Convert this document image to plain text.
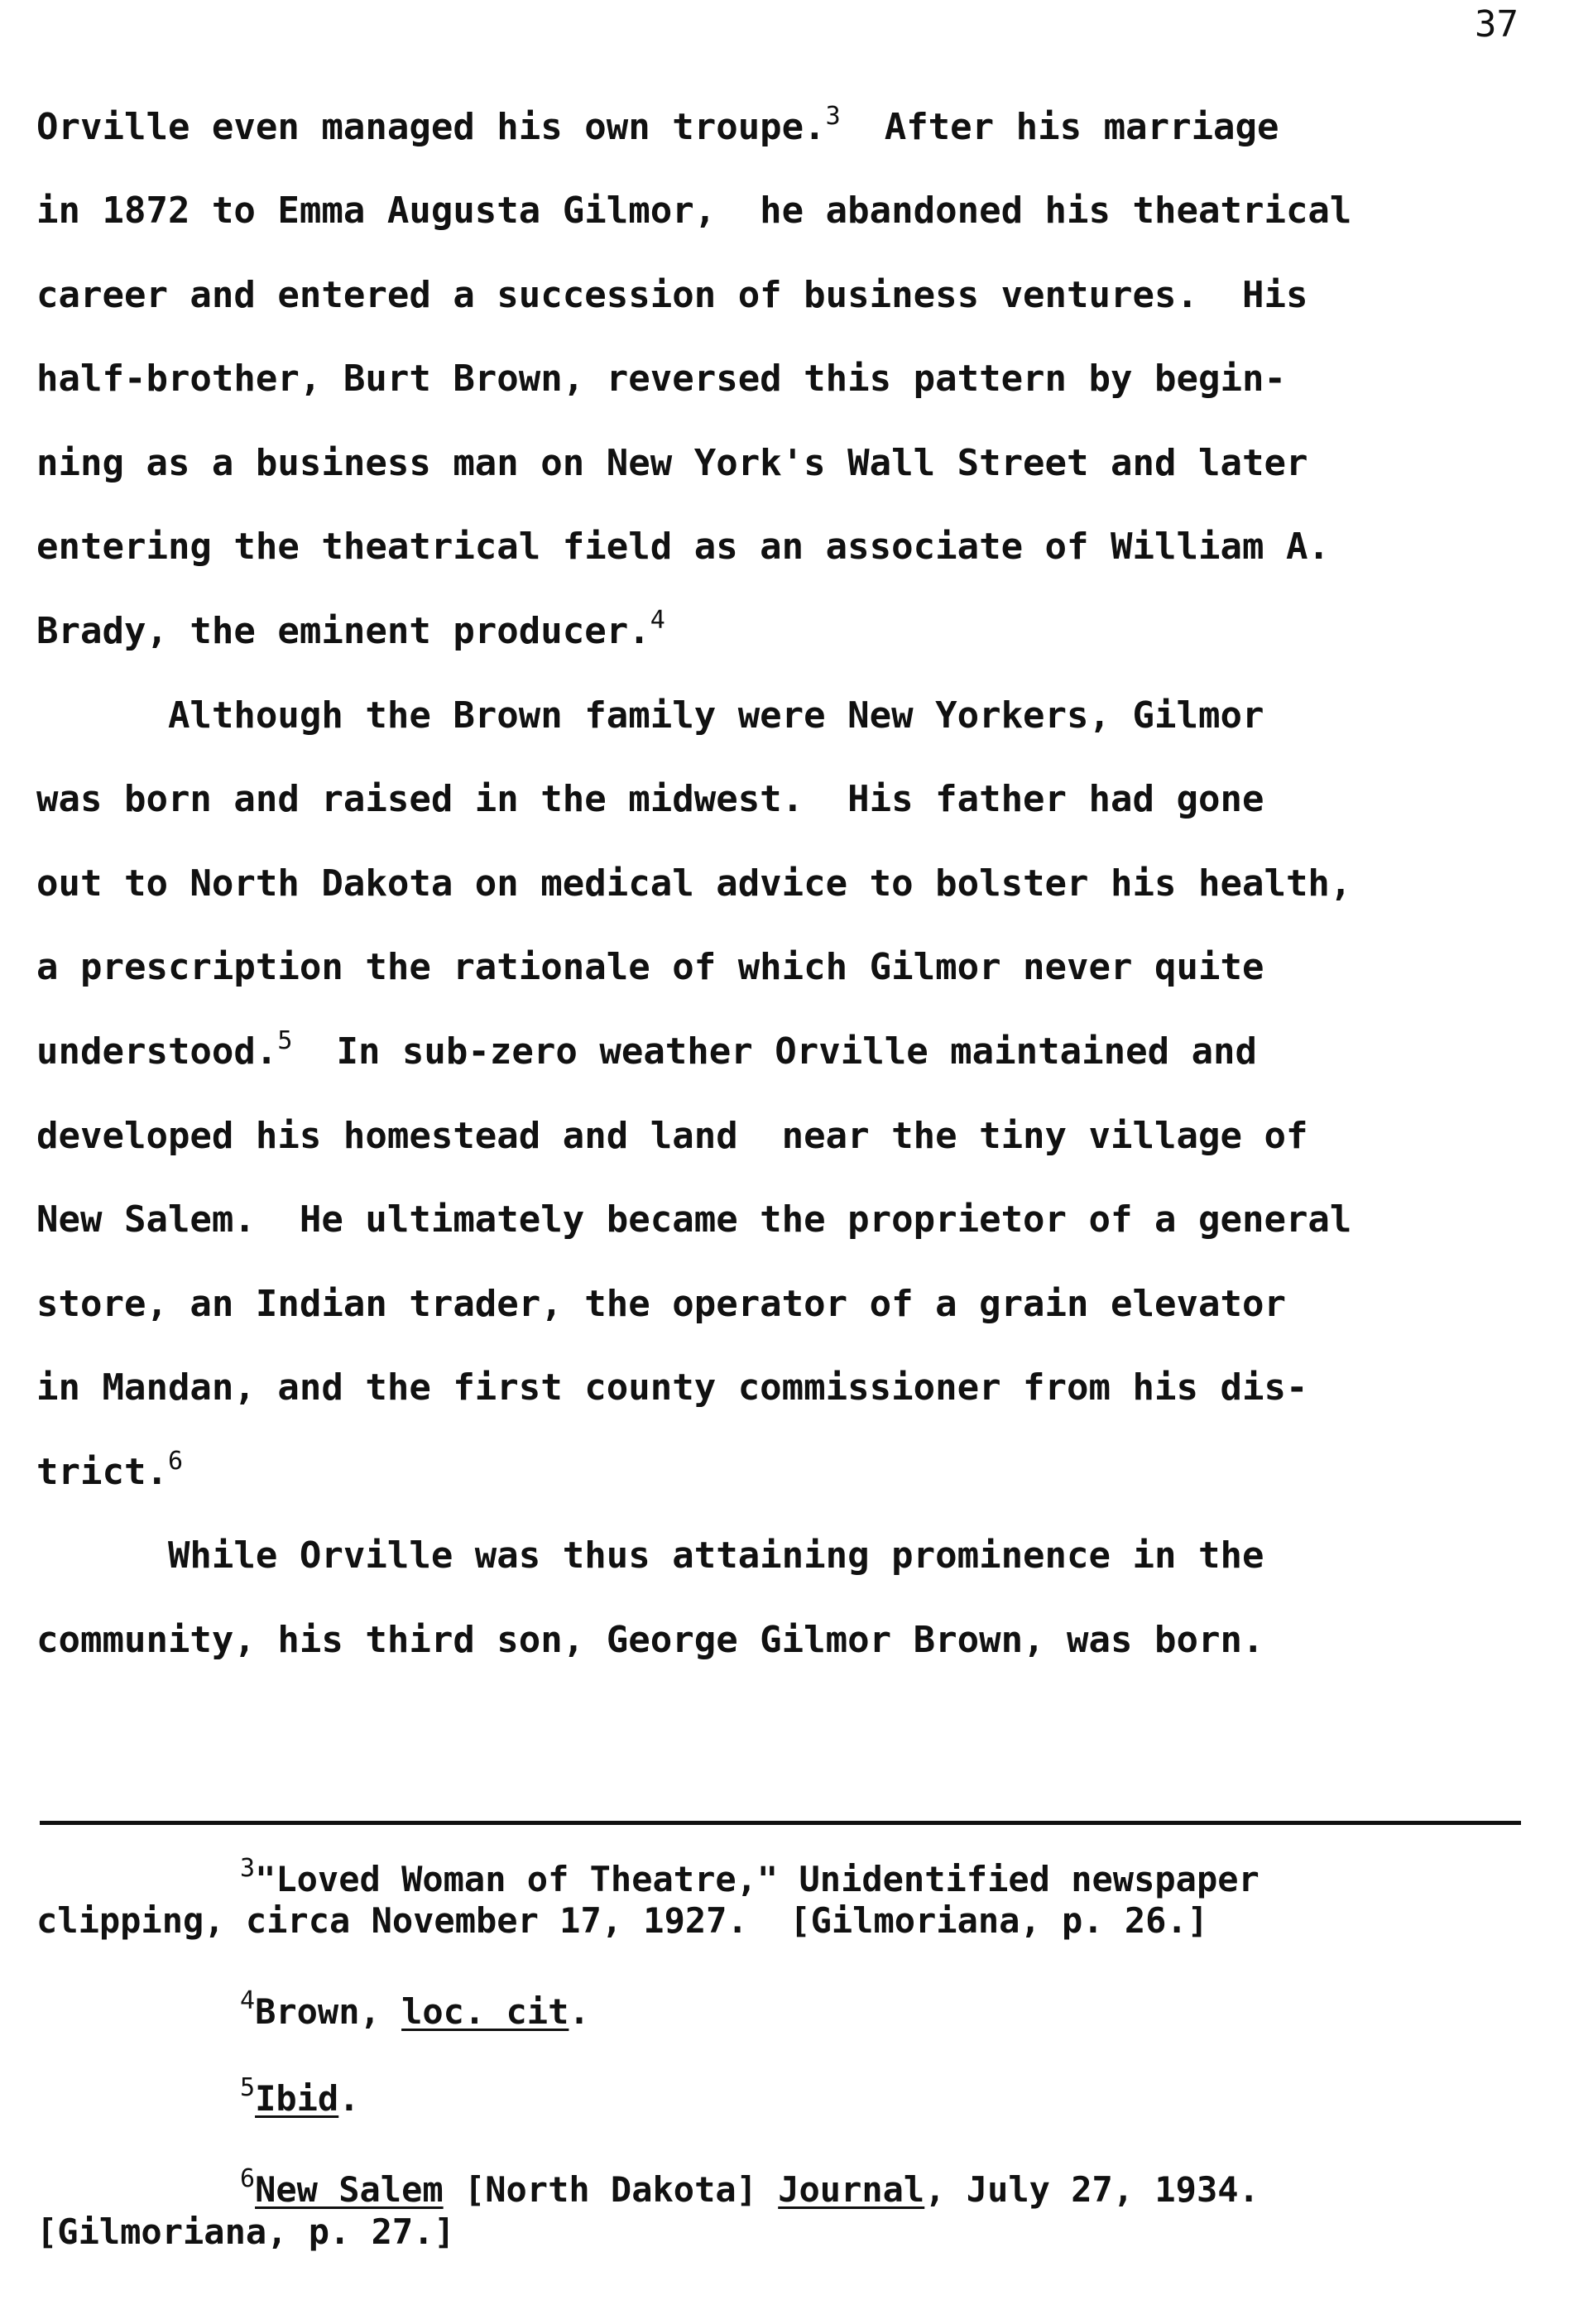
37
Orville even managed his own troupe.$^3$  After his marriage
in 1872 to Emma Augusta Gilmor,  he abandoned his theatrical
career and entered a succession of business ventures.  His
half-brother, Burt Brown, reversed this pattern by begin-
ning as a business man on New York's Wall Street and later
entering the theatrical field as an associate of William A.
Brady, the eminent producer.$^4$
Although the Brown family were New Yorkers, Gilmor
was born and raised in the midwest.  His father had gone
out to North Dakota on medical advice to bolster his health,
a prescription the rationale of which Gilmor never quite
understood.$^5$  In sub-zero weather Orville maintained and
developed his homestead and land  near the tiny village of
New Salem.  He ultimately became the proprietor of a general
store, an Indian trader, the operator of a grain elevator
in Mandan, and the first county commissioner from his dis-
trict.$^6$
While Orville was thus attaining prominence in the
community, his third son, George Gilmor Brown, was born.
$^3$"Loved Woman of Theatre," Unidentified newspaper
clipping, circa November 17, 1927.  [Gilmoriana, p. 26.]
$^4$Brown, loc. cit.
$^5$Ibid.
$^6$New Salem [North Dakota] Journal, July 27, 1934.
[Gilmoriana, p. 27.]
